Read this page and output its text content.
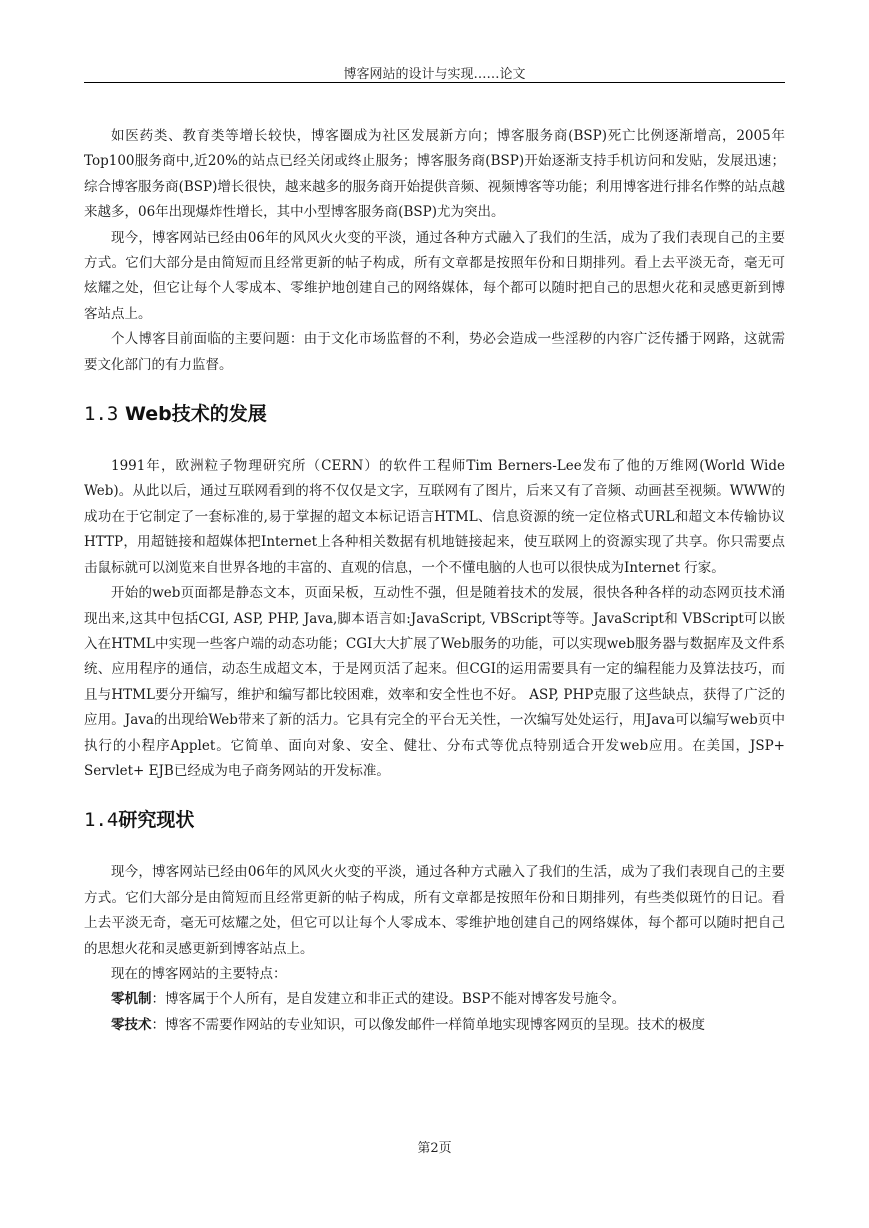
博客网站的设计与实现……论文

如医药类、教育类等增长较快，博客圈成为社区发展新方向；博客服务商(BSP)死亡比例逐渐增高，2005年Top100服务商中,近20%的站点已经关闭或终止服务；博客服务商(BSP)开始逐渐支持手机访问和发贴，发展迅速；综合博客服务商(BSP)增长很快，越来越多的服务商开始提供音频、视频博客等功能；利用博客进行排名作弊的站点越来越多，06年出现爆炸性增长，其中小型博客服务商(BSP)尤为突出。

现今，博客网站已经由06年的风风火火变的平淡，通过各种方式融入了我们的生活，成为了我们表现自己的主要方式。它们大部分是由简短而且经常更新的帖子构成，所有文章都是按照年份和日期排列。看上去平淡无奇，毫无可炫耀之处，但它让每个人零成本、零维护地创建自己的网络媒体，每个都可以随时把自己的思想火花和灵感更新到博客站点上。

个人博客目前面临的主要问题：由于文化市场监督的不利，势必会造成一些淫秽的内容广泛传播于网路，这就需要文化部门的有力监督。

1.3 Web技术的发展

1991年，欧洲粒子物理研究所（CERN）的软件工程师Tim Berners-Lee发布了他的万维网(World Wide Web)。从此以后，通过互联网看到的将不仅仅是文字，互联网有了图片，后来又有了音频、动画甚至视频。WWW的成功在于它制定了一套标准的,易于掌握的超文本标记语言HTML、信息资源的统一定位格式URL和超文本传输协议HTTP，用超链接和超媒体把Internet上各种相关数据有机地链接起来，使互联网上的资源实现了共享。你只需要点击鼠标就可以浏览来自世界各地的丰富的、直观的信息，一个不懂电脑的人也可以很快成为Internet 行家。

开始的web页面都是静态文本，页面呆板，互动性不强，但是随着技术的发展，很快各种各样的动态网页技术涌现出来,这其中包括CGI, ASP, PHP, Java,脚本语言如:JavaScript, VBScript等等。JavaScript和 VBScript可以嵌入在HTML中实现一些客户端的动态功能；CGI大大扩展了Web服务的功能，可以实现web服务器与数据库及文件系统、应用程序的通信，动态生成超文本，于是网页活了起来。但CGI的运用需要具有一定的编程能力及算法技巧，而且与HTML要分开编写，维护和编写都比较困难，效率和安全性也不好。 ASP, PHP克服了这些缺点，获得了广泛的应用。Java的出现给Web带来了新的活力。它具有完全的平台无关性，一次编写处处运行，用Java可以编写web页中执行的小程序Applet。它简单、面向对象、安全、健壮、分布式等优点特别适合开发web应用。在美国，JSP+ Servlet+ EJB已经成为电子商务网站的开发标准。

1.4研究现状

现今，博客网站已经由06年的风风火火变的平淡，通过各种方式融入了我们的生活，成为了我们表现自己的主要方式。它们大部分是由简短而且经常更新的帖子构成，所有文章都是按照年份和日期排列，有些类似斑竹的日记。看上去平淡无奇，毫无可炫耀之处，但它可以让每个人零成本、零维护地创建自己的网络媒体，每个都可以随时把自己的思想火花和灵感更新到博客站点上。

现在的博客网站的主要特点：

零机制：博客属于个人所有，是自发建立和非正式的建设。BSP不能对博客发号施令。

零技术：博客不需要作网站的专业知识，可以像发邮件一样简单地实现博客网页的呈现。技术的极度

第2页
